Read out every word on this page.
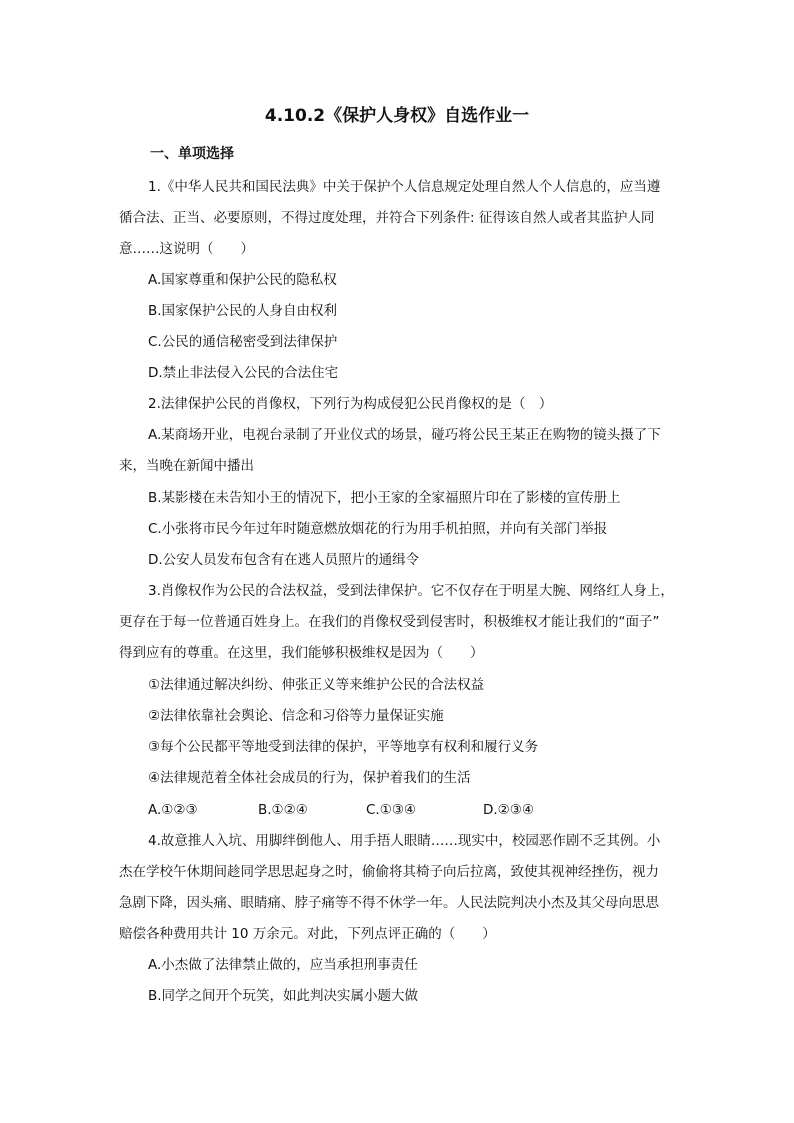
4.10.2《保护人身权》自选作业一
一、单项选择
1.《中华人民共和国民法典》中关于保护个人信息规定处理自然人个人信息的，应当遵
循合法、正当、必要原则，不得过度处理，并符合下列条件: 征得该自然人或者其监护人同
意……这说明（　　）
A.国家尊重和保护公民的隐私权
B.国家保护公民的人身自由权利
C.公民的通信秘密受到法律保护
D.禁止非法侵入公民的合法住宅
2.法律保护公民的肖像权，下列行为构成侵犯公民肖像权的是（　）
A.某商场开业，电视台录制了开业仪式的场景，碰巧将公民王某正在购物的镜头摄了下
来，当晚在新闻中播出
B.某影楼在未告知小王的情况下，把小王家的全家福照片印在了影楼的宣传册上
C.小张将市民今年过年时随意燃放烟花的行为用手机拍照，并向有关部门举报
D.公安人员发布包含有在逃人员照片的通缉令
3.肖像权作为公民的合法权益，受到法律保护。它不仅存在于明星大腕、网络红人身上，
更存在于每一位普通百姓身上。在我们的肖像权受到侵害时，积极维权才能让我们的“面子”
得到应有的尊重。在这里，我们能够积极维权是因为（　　）
①法律通过解决纠纷、伸张正义等来维护公民的合法权益
②法律依靠社会舆论、信念和习俗等力量保证实施
③每个公民都平等地受到法律的保护，平等地享有权利和履行义务
④法律规范着全体社会成员的行为，保护着我们的生活
A.①②③	B.①②④	C.①③④	D.②③④
4.故意推人入坑、用脚绊倒他人、用手捂人眼睛……现实中，校园恶作剧不乏其例。小
杰在学校午休期间趁同学思思起身之时，偷偷将其椅子向后拉离，致使其视神经挫伤，视力
急剧下降，因头痛、眼睛痛、脖子痛等不得不休学一年。人民法院判决小杰及其父母向思思
赔偿各种费用共计 10 万余元。对此，下列点评正确的（　　）
A.小杰做了法律禁止做的，应当承担刑事责任
B.同学之间开个玩笑，如此判决实属小题大做
